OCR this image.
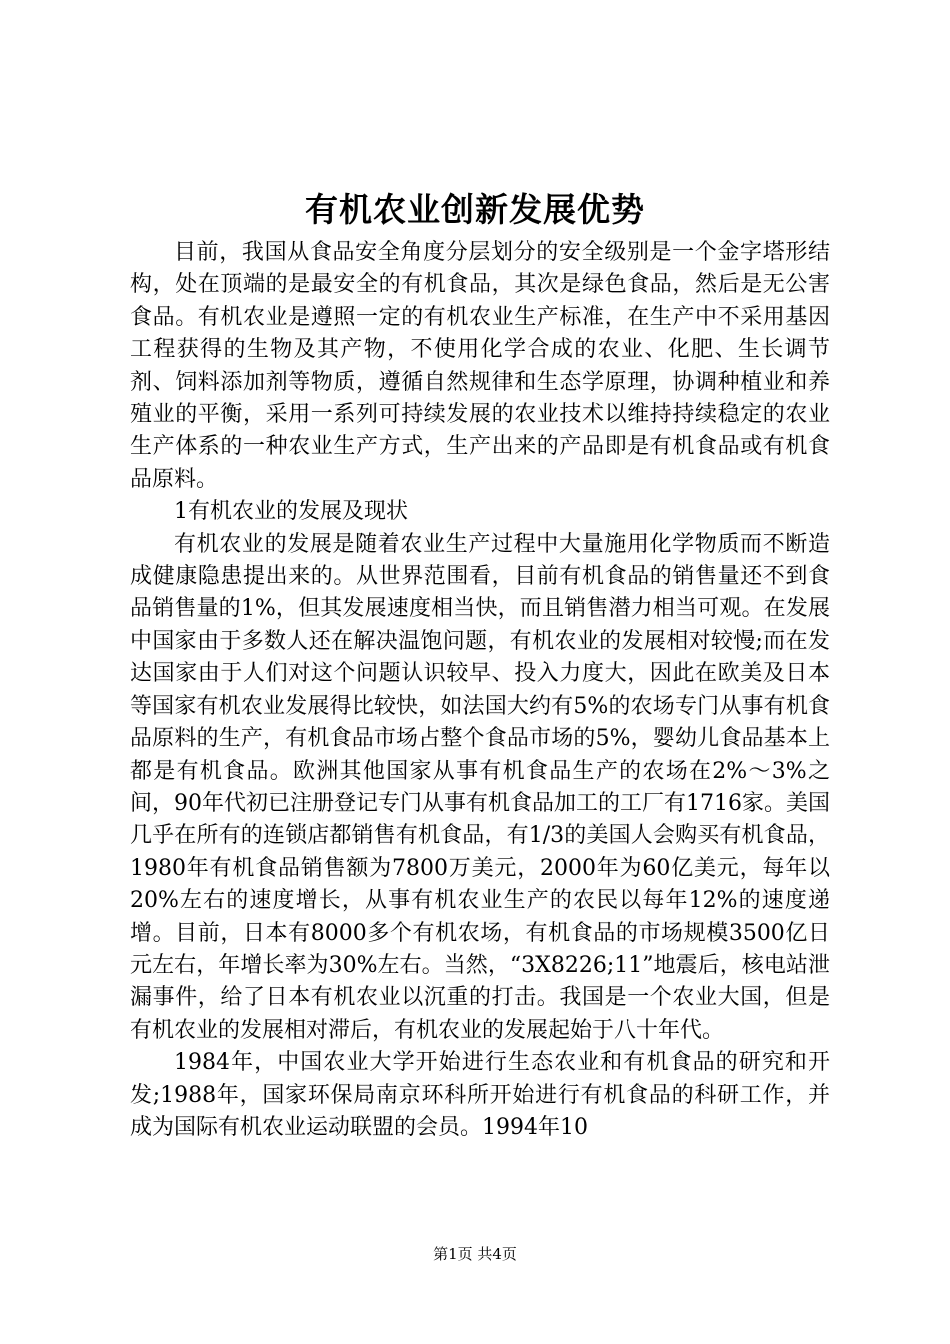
有机农业创新发展优势

目前，我国从食品安全角度分层划分的安全级别是一个金字塔形结构，处在顶端的是最安全的有机食品，其次是绿色食品，然后是无公害食品。有机农业是遵照一定的有机农业生产标准，在生产中不采用基因工程获得的生物及其产物，不使用化学合成的农业、化肥、生长调节剂、饲料添加剂等物质，遵循自然规律和生态学原理，协调种植业和养殖业的平衡，采用一系列可持续发展的农业技术以维持持续稳定的农业生产体系的一种农业生产方式，生产出来的产品即是有机食品或有机食品原料。

1有机农业的发展及现状

有机农业的发展是随着农业生产过程中大量施用化学物质而不断造成健康隐患提出来的。从世界范围看，目前有机食品的销售量还不到食品销售量的1%，但其发展速度相当快，而且销售潜力相当可观。在发展中国家由于多数人还在解决温饱问题，有机农业的发展相对较慢;而在发达国家由于人们对这个问题认识较早、投入力度大，因此在欧美及日本等国家有机农业发展得比较快，如法国大约有5%的农场专门从事有机食品原料的生产，有机食品市场占整个食品市场的5%，婴幼儿食品基本上都是有机食品。欧洲其他国家从事有机食品生产的农场在2%～3%之间，90年代初已注册登记专门从事有机食品加工的工厂有1716家。美国几乎在所有的连锁店都销售有机食品，有1/3的美国人会购买有机食品，1980年有机食品销售额为7800万美元，2000年为60亿美元，每年以20%左右的速度增长，从事有机农业生产的农民以每年12%的速度递增。目前，日本有8000多个有机农场，有机食品的市场规模3500亿日元左右，年增长率为30%左右。当然，“3X8226;11”地震后，核电站泄漏事件，给了日本有机农业以沉重的打击。我国是一个农业大国，但是有机农业的发展相对滞后，有机农业的发展起始于八十年代。

1984年，中国农业大学开始进行生态农业和有机食品的研究和开发;1988年，国家环保局南京环科所开始进行有机食品的科研工作，并成为国际有机农业运动联盟的会员。1994年10

第1页 共4页
